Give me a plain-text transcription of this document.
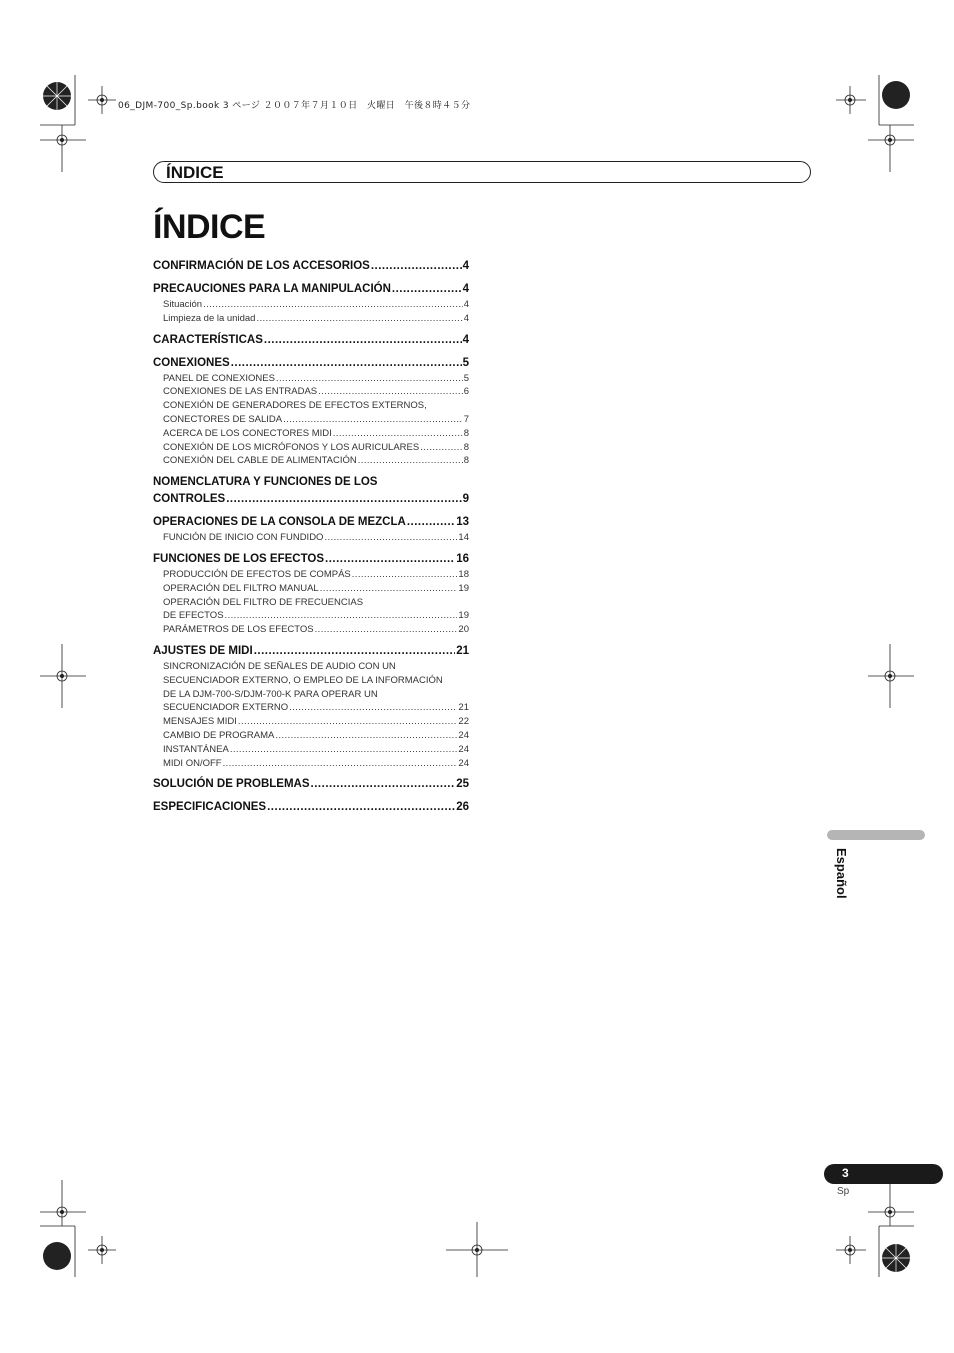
06_DJM-700_Sp.book 3 ページ ２００７年７月１０日　火曜日　午後８時４５分
ÍNDICE
ÍNDICE
CONFIRMACIÓN DE LOS ACCESORIOS .....	4
PRECAUCIONES PARA LA MANIPULACIÓN .....	4
Situación .....	4
Limpieza de la unidad .....	4
CARACTERÍSTICAS .....	4
CONEXIONES .....	5
PANEL DE CONEXIONES .....	5
CONEXIONES DE LAS ENTRADAS .....	6
CONEXIÓN DE GENERADORES DE EFECTOS EXTERNOS,
CONECTORES DE SALIDA .....	7
ACERCA DE LOS CONECTORES MIDI .....	8
CONEXIÓN DE LOS MICRÓFONOS Y LOS AURICULARES .....	8
CONEXIÓN DEL CABLE DE ALIMENTACIÓN .....	8
NOMENCLATURA Y FUNCIONES DE LOS
CONTROLES .....	9
OPERACIONES DE LA CONSOLA DE MEZCLA .....	13
FUNCIÓN DE INICIO CON FUNDIDO .....	14
FUNCIONES DE LOS EFECTOS .....	16
PRODUCCIÓN DE EFECTOS DE COMPÁS .....	18
OPERACIÓN DEL FILTRO MANUAL .....	19
OPERACIÓN DEL FILTRO DE FRECUENCIAS
DE EFECTOS .....	19
PARÁMETROS DE LOS EFECTOS .....	20
AJUSTES DE MIDI .....	21
SINCRONIZACIÓN DE SEÑALES DE AUDIO CON UN
SECUENCIADOR EXTERNO, O EMPLEO DE LA INFORMACIÓN
DE LA DJM-700-S/DJM-700-K PARA OPERAR UN
SECUENCIADOR EXTERNO .....	21
MENSAJES MIDI .....	22
CAMBIO DE PROGRAMA .....	24
INSTANTÁNEA .....	24
MIDI ON/OFF .....	24
SOLUCIÓN DE PROBLEMAS .....	25
ESPECIFICACIONES .....	26
Español
3
Sp
